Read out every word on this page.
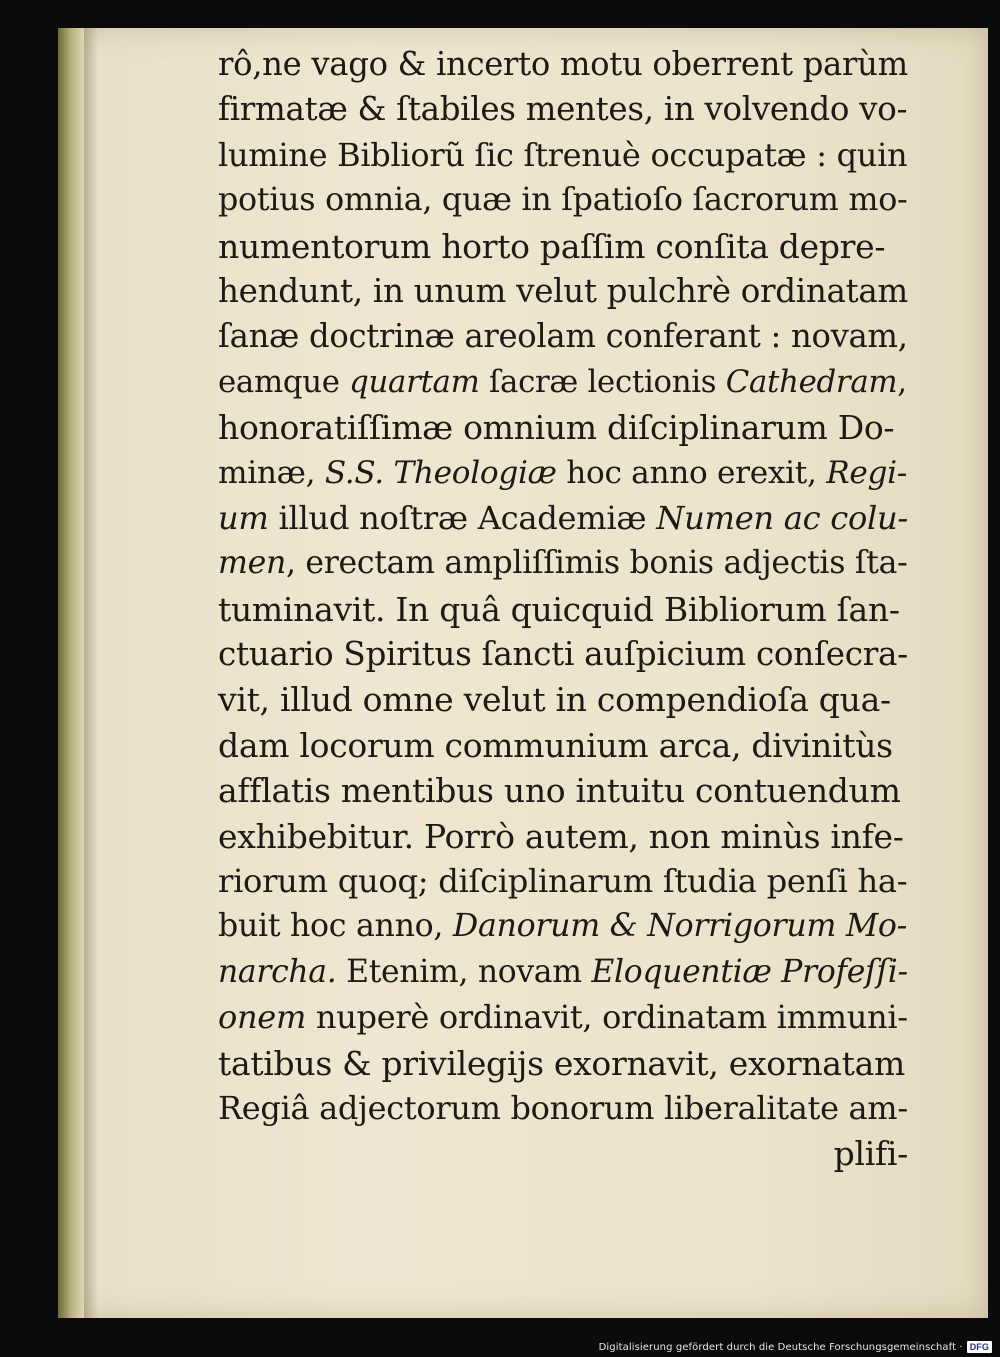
rô,ne vago & incerto motu oberrent parùm
firmatæ & ſtabiles mentes, in volvendo vo-
lumine Bibliorũ ſic ſtrenuè occupatæ : quin
potius omnia, quæ in ſpatioſo ſacrorum mo-
numentorum horto paſſim conſita depre-
hendunt, in unum velut pulchrè ordinatam
ſanæ doctrinæ areolam conferant : novam,
eamque quartam ſacræ lectionis Cathedram ,
honoratiſſimæ omnium diſciplinarum Do-
minæ, S.S. Theologiæ hoc anno erexit, Regi-
um illud noſtræ Academiæ Numen ac colu-
men , erectam ampliſſimis bonis adjectis ſta-
tuminavit. In quâ quicquid Bibliorum ſan-
ctuario Spiritus ſancti auſpicium conſecra-
vit, illud omne velut in compendioſa qua-
dam locorum communium arca, divinitùs
afflatis mentibus uno intuitu contuendum
exhibebitur. Porrò autem, non minùs infe-
riorum quoq; diſciplinarum ſtudia penſi ha-
buit hoc anno, Danorum & Norrigorum Mo-
narcha. Etenim, novam Eloquentiæ Profeſſi-
onem nuperè ordinavit, ordinatam immuni-
tatibus & privilegijs exornavit, exornatam
Regiâ adjectorum bonorum liberalitate am-
plifi-
Digitalisierung gefördert durch die Deutsche Forschungsgemeinschaft · DFG
